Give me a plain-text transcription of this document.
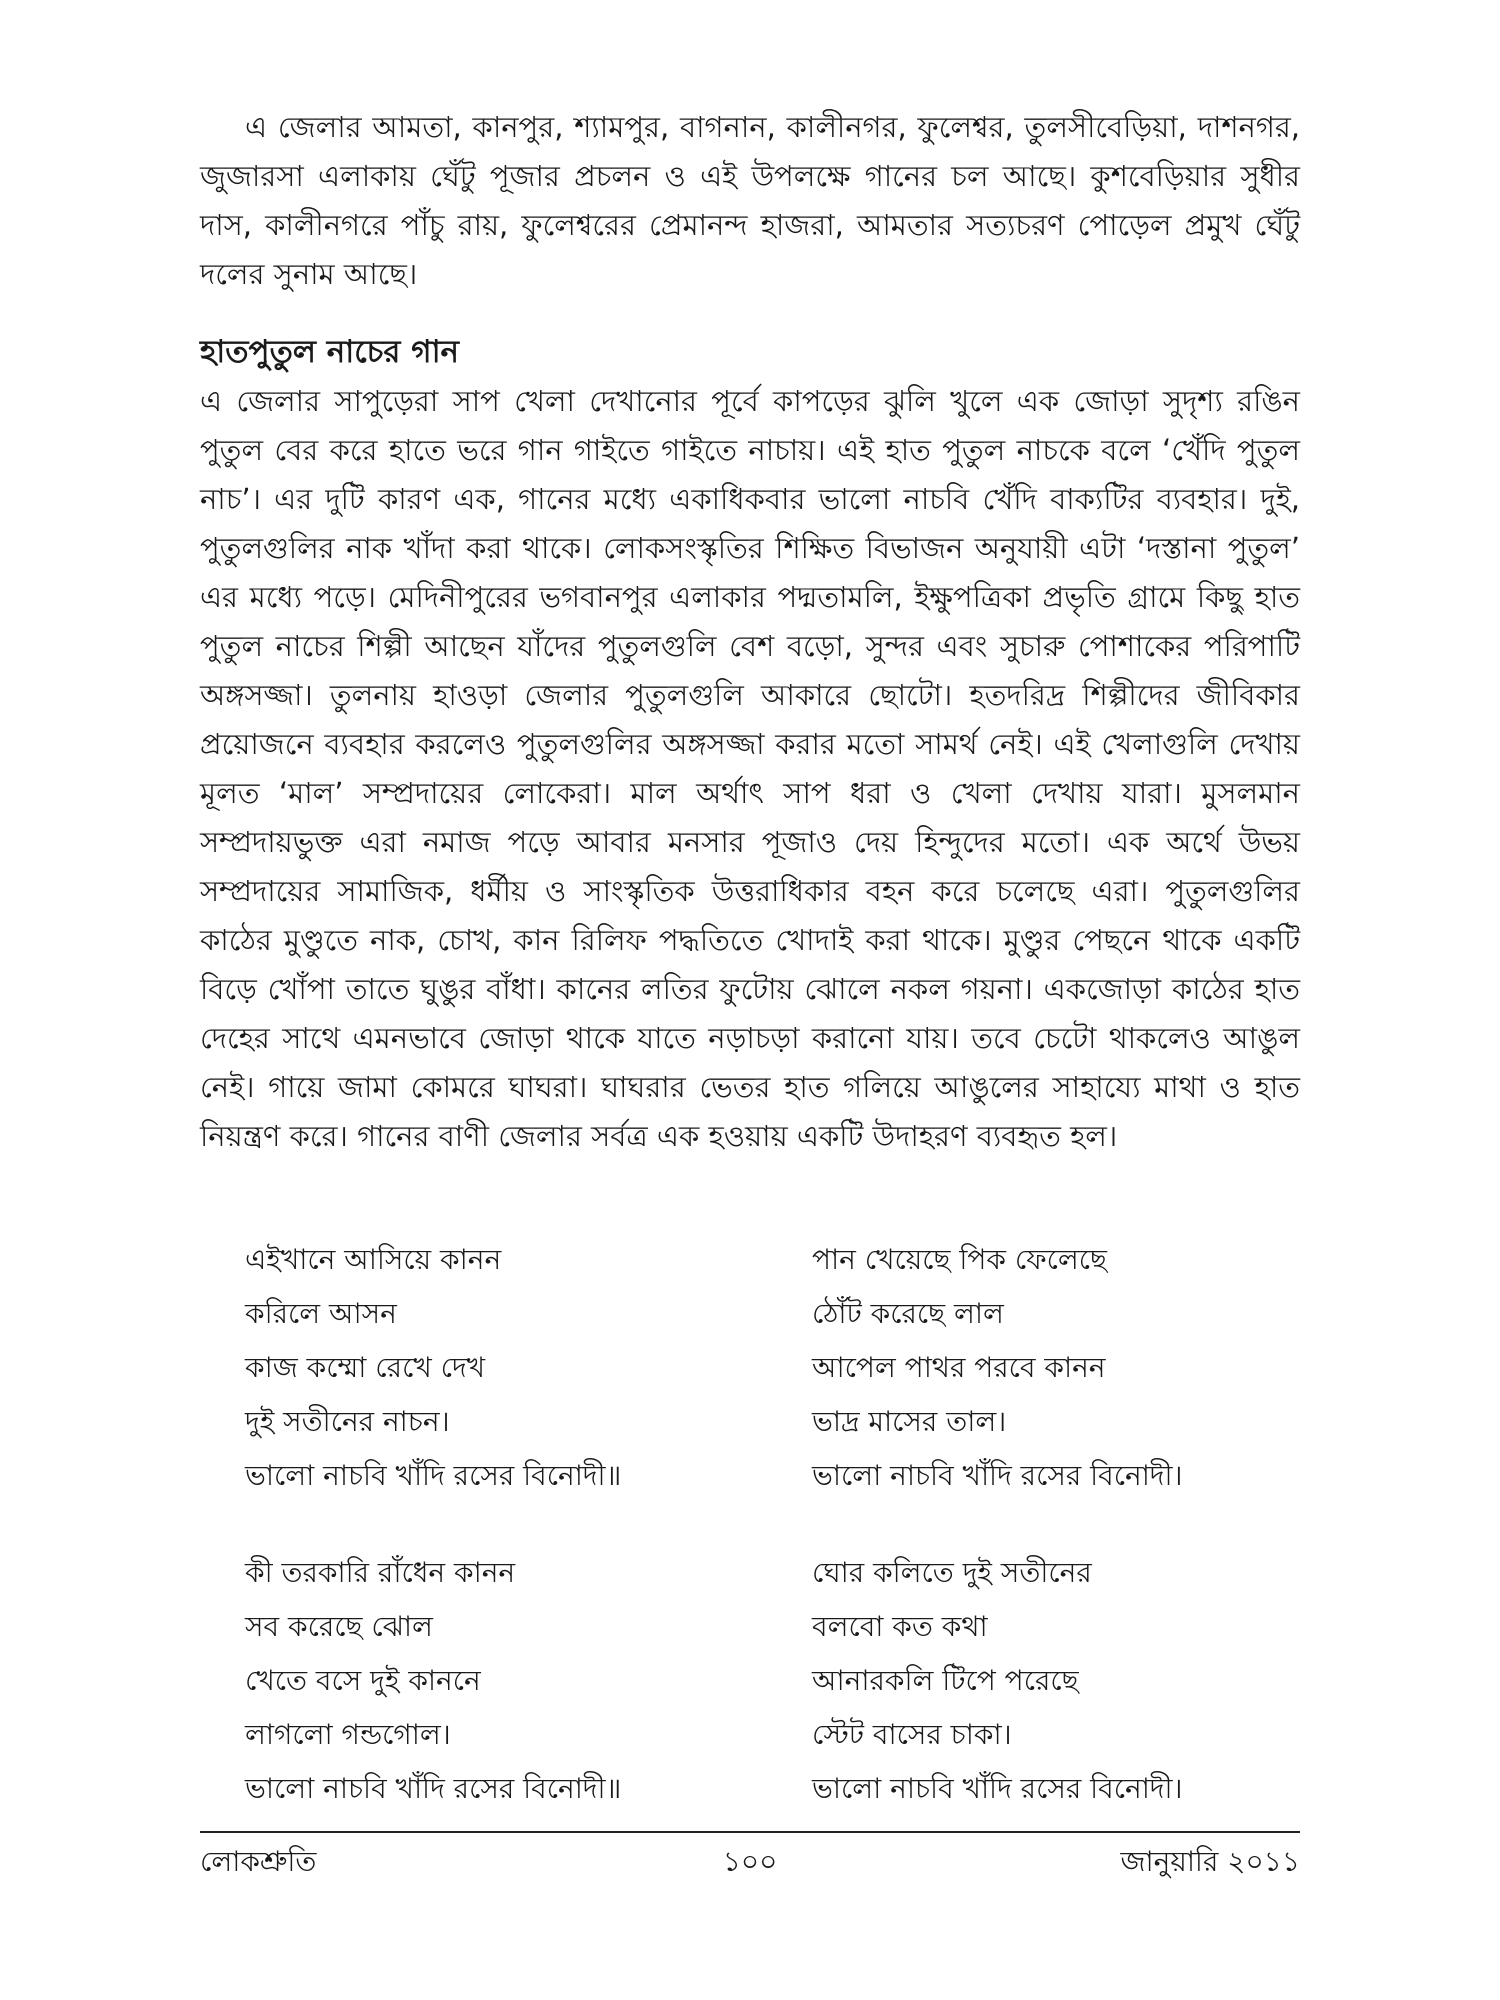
এ জেলার আমতা, কানপুর, শ্যামপুর, বাগনান, কালীনগর, ফুলেশ্বর, তুলসীবেড়িয়া, দাশনগর, জুজারসা এলাকায় ঘেঁটু পূজার প্রচলন ও এই উপলক্ষে গানের চল আছে। কুশবেড়িয়ার সুধীর দাস, কালীনগরে পাঁচু রায়, ফুলেশ্বরের প্রেমানন্দ হাজরা, আমতার সত্যচরণ পোড়েল প্রমুখ ঘেঁটু দলের সুনাম আছে।

হাতপুতুল নাচের গান

এ জেলার সাপুড়েরা সাপ খেলা দেখানোর পূর্বে কাপড়ের ঝুলি খুলে এক জোড়া সুদৃশ্য রঙিন পুতুল বের করে হাতে ভরে গান গাইতে গাইতে নাচায়। এই হাত পুতুল নাচকে বলে ‘খেঁদি পুতুল নাচ’। এর দুটি কারণ এক, গানের মধ্যে একাধিকবার ভালো নাচবি খেঁদি বাক্যটির ব্যবহার। দুই, পুতুলগুলির নাক খাঁদা করা থাকে। লোকসংস্কৃতির শিক্ষিত বিভাজন অনুযায়ী এটা ‘দস্তানা পুতুল’ এর মধ্যে পড়ে। মেদিনীপুরের ভগবানপুর এলাকার পদ্মতামলি, ইক্ষুপত্রিকা প্রভৃতি গ্রামে কিছু হাত পুতুল নাচের শিল্পী আছেন যাঁদের পুতুলগুলি বেশ বড়ো, সুন্দর এবং সুচারু পোশাকের পরিপাটি অঙ্গসজ্জা। তুলনায় হাওড়া জেলার পুতুলগুলি আকারে ছোটো। হতদরিদ্র শিল্পীদের জীবিকার প্রয়োজনে ব্যবহার করলেও পুতুলগুলির অঙ্গসজ্জা করার মতো সামর্থ নেই। এই খেলাগুলি দেখায় মূলত ‘মাল’ সম্প্রদায়ের লোকেরা। মাল অর্থাৎ সাপ ধরা ও খেলা দেখায় যারা। মুসলমান সম্প্রদায়ভুক্ত এরা নমাজ পড়ে আবার মনসার পূজাও দেয় হিন্দুদের মতো। এক অর্থে উভয় সম্প্রদায়ের সামাজিক, ধর্মীয় ও সাংস্কৃতিক উত্তরাধিকার বহন করে চলেছে এরা। পুতুলগুলির কাঠের মুণ্ডুতে নাক, চোখ, কান রিলিফ পদ্ধতিতে খোদাই করা থাকে। মুণ্ডুর পেছনে থাকে একটি বিড়ে খোঁপা তাতে ঘুঙুর বাঁধা। কানের লতির ফুটোয় ঝোলে নকল গয়না। একজোড়া কাঠের হাত দেহের সাথে এমনভাবে জোড়া থাকে যাতে নড়াচড়া করানো যায়। তবে চেটো থাকলেও আঙুল নেই। গায়ে জামা কোমরে ঘাঘরা। ঘাঘরার ভেতর হাত গলিয়ে আঙুলের সাহায্যে মাথা ও হাত নিয়ন্ত্রণ করে। গানের বাণী জেলার সর্বত্র এক হওয়ায় একটি উদাহরণ ব্যবহৃত হল।

এইখানে আসিয়ে কানন
করিলে আসন
কাজ কম্মো রেখে দেখ
দুই সতীনের নাচন।
ভালো নাচবি খাঁদি রসের বিনোদী॥
পান খেয়েছে পিক ফেলেছে
ঠোঁট করেছে লাল
আপেল পাথর পরবে কানন
ভাদ্র মাসের তাল।
ভালো নাচবি খাঁদি রসের বিনোদী।
কী তরকারি রাঁধেন কানন
সব করেছে ঝোল
খেতে বসে দুই কাননে
লাগলো গন্ডগোল।
ভালো নাচবি খাঁদি রসের বিনোদী॥
ঘোর কলিতে দুই সতীনের
বলবো কত কথা
আনারকলি টিপে পরেছে
স্টেট বাসের চাকা।
ভালো নাচবি খাঁদি রসের বিনোদী।
লোকশ্রুতি	১০০	জানুয়ারি ২০১১
